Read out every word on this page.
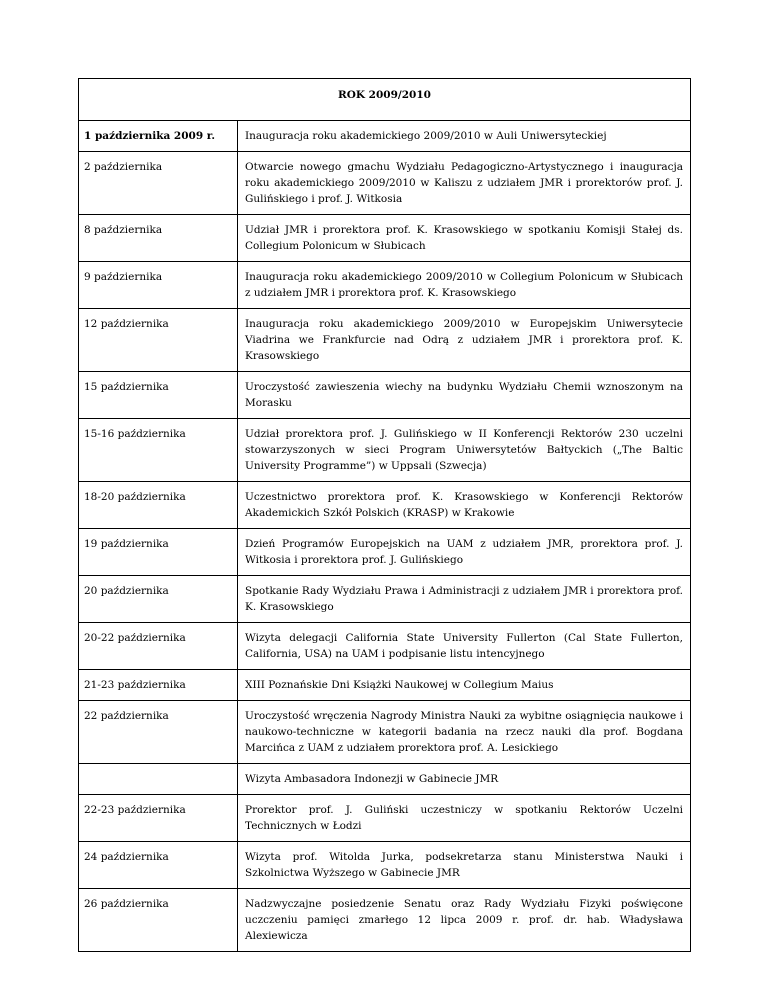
ROK 2009/2010	
1 października 2009 r.	Inauguracja roku akademickiego 2009/2010 w Auli Uniwersyteckiej
2 października	Otwarcie nowego gmachu Wydziału Pedagogiczno-Artystycznego i inauguracja roku akademickiego 2009/2010 w Kaliszu z udziałem JMR i prorektorów prof. J. Gulińskiego i prof. J. Witkosia
8 października	Udział JMR i prorektora prof. K. Krasowskiego w spotkaniu Komisji Stałej ds. Collegium Polonicum w Słubicach
9 października	Inauguracja roku akademickiego 2009/2010 w Collegium Polonicum w Słubicach z udziałem JMR i prorektora prof. K. Krasowskiego
12 października	Inauguracja roku akademickiego 2009/2010 w Europejskim Uniwersytecie Viadrina we Frankfurcie nad Odrą z udziałem JMR i prorektora prof. K. Krasowskiego
15 października	Uroczystość zawieszenia wiechy na budynku Wydziału Chemii wznoszonym na Morasku
15-16 października	Udział prorektora prof. J. Gulińskiego w II Konferencji Rektorów 230 uczelni stowarzyszonych w sieci Program Uniwersytetów Bałtyckich („The Baltic University Programme”) w Uppsali (Szwecja)
18-20 października	Uczestnictwo prorektora prof. K. Krasowskiego w Konferencji Rektorów Akademickich Szkół Polskich (KRASP) w Krakowie
19 października	Dzień Programów Europejskich na UAM z udziałem JMR, prorektora prof. J. Witkosia i prorektora prof. J. Gulińskiego
20 października	Spotkanie Rady Wydziału Prawa i Administracji z udziałem JMR i prorektora prof. K. Krasowskiego
20-22 października	Wizyta delegacji California State University Fullerton (Cal State Fullerton, California, USA) na UAM i podpisanie listu intencyjnego
21-23 października	XIII Poznańskie Dni Książki Naukowej w Collegium Maius
22 października	Uroczystość wręczenia Nagrody Ministra Nauki za wybitne osiągnięcia naukowe i naukowo-techniczne w kategorii badania na rzecz nauki dla prof. Bogdana Marcińca z UAM z udziałem prorektora prof. A. Lesickiego
	Wizyta Ambasadora Indonezji w Gabinecie JMR
22-23 października	Prorektor prof. J. Guliński uczestniczy w spotkaniu Rektorów Uczelni Technicznych w Łodzi
24 października	Wizyta prof. Witolda Jurka, podsekretarza stanu Ministerstwa Nauki i Szkolnictwa Wyższego w Gabinecie JMR
26 października	Nadzwyczajne posiedzenie Senatu oraz Rady Wydziału Fizyki poświęcone uczczeniu pamięci zmarłego 12 lipca 2009 r. prof. dr. hab. Władysława Alexiewicza
